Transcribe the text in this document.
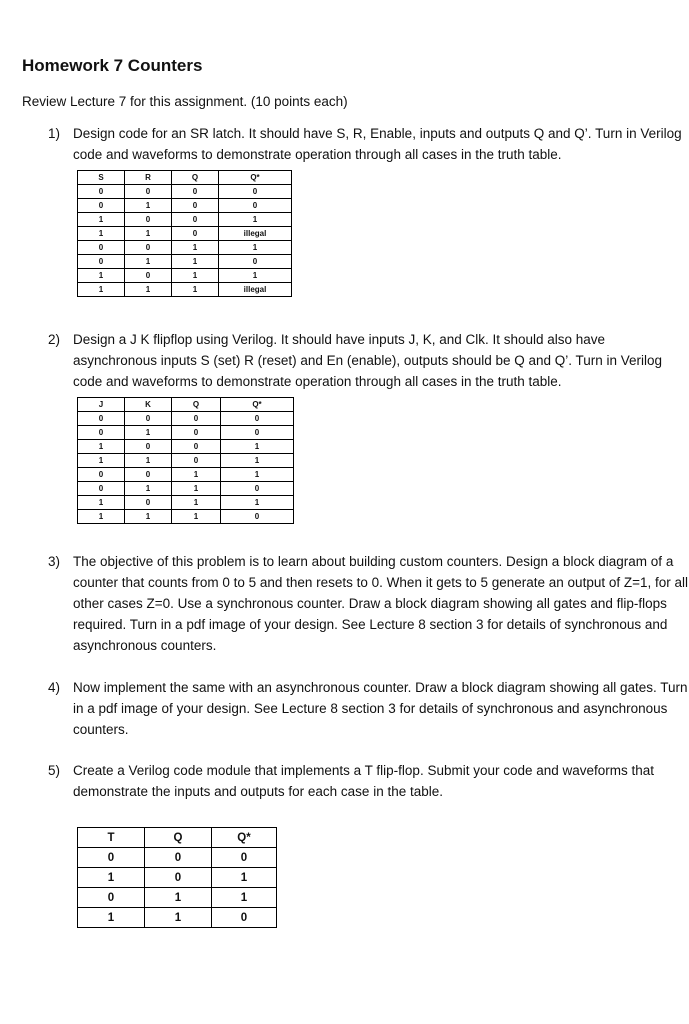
Homework 7 Counters
Review Lecture 7 for this assignment. (10 points each)
1) Design code for an SR latch. It should have S, R, Enable, inputs and outputs Q and Q’. Turn in Verilog code and waveforms to demonstrate operation through all cases in the truth table.
S	R	Q	Q*
0	0	0	0
0	1	0	0
1	0	0	1
1	1	0	illegal
0	0	1	1
0	1	1	0
1	0	1	1
1	1	1	illegal
2) Design a J K flipflop using Verilog. It should have inputs J, K, and Clk. It should also have asynchronous inputs S (set) R (reset) and En (enable), outputs should be Q and Q’. Turn in Verilog code and waveforms to demonstrate operation through all cases in the truth table.
J	K	Q	Q*
0	0	0	0
0	1	0	0
1	0	0	1
1	1	0	1
0	0	1	1
0	1	1	0
1	0	1	1
1	1	1	0
3) The objective of this problem is to learn about building custom counters. Design a block diagram of a counter that counts from 0 to 5 and then resets to 0. When it gets to 5 generate an output of Z=1, for all other cases Z=0. Use a synchronous counter. Draw a block diagram showing all gates and flip-flops required. Turn in a pdf image of your design. See Lecture 8 section 3 for details of synchronous and asynchronous counters.
4) Now implement the same with an asynchronous counter. Draw a block diagram showing all gates. Turn in a pdf image of your design. See Lecture 8 section 3 for details of synchronous and asynchronous counters.
5) Create a Verilog code module that implements a T flip-flop. Submit your code and waveforms that demonstrate the inputs and outputs for each case in the table.
T	Q	Q*
0	0	0
1	0	1
0	1	1
1	1	0
